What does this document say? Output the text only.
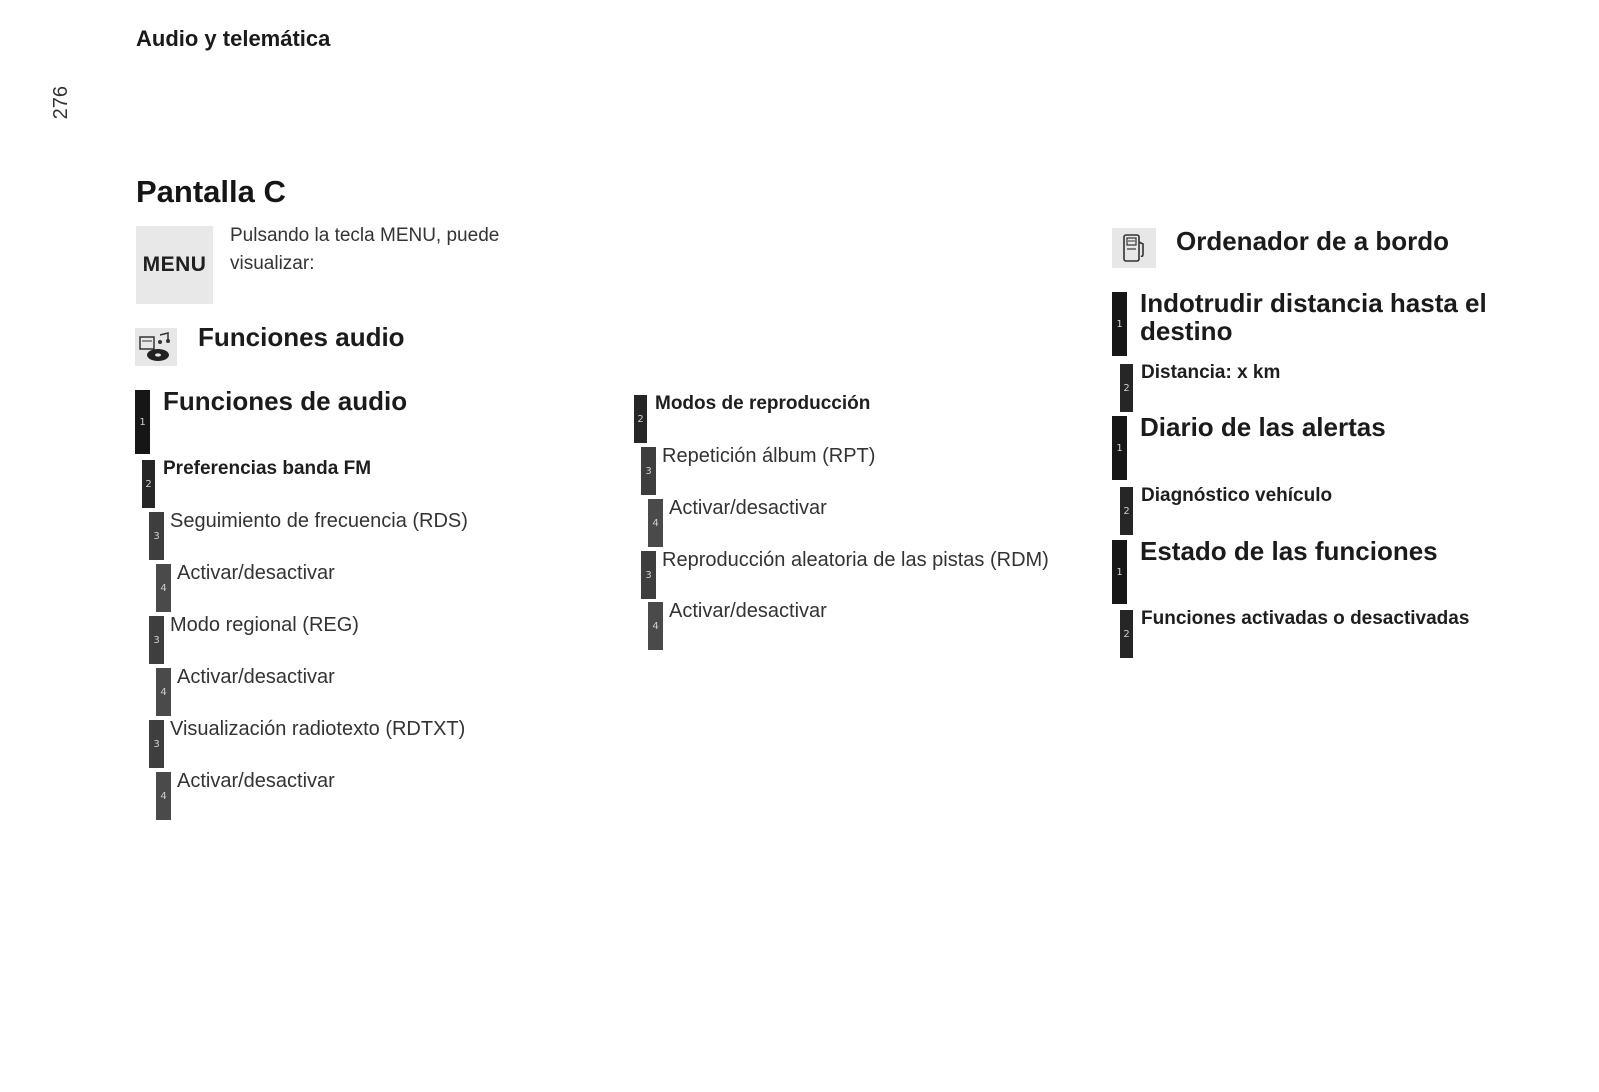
Audio y telemática
276
Pantalla C
MENU
Pulsando la tecla MENU, puede visualizar:
Funciones audio
1
Funciones de audio
2
Preferencias banda FM
3
Seguimiento de frecuencia (RDS)
4
Activar/desactivar
3
Modo regional (REG)
4
Activar/desactivar
3
Visualización radiotexto (RDTXT)
4
Activar/desactivar
2
Modos de reproducción
3
Repetición álbum (RPT)
4
Activar/desactivar
3
Reproducción aleatoria de las pistas (RDM)
4
Activar/desactivar
Ordenador de a bordo
1
Indotrudir distancia hasta el destino
2
Distancia: x km
1
Diario de las alertas
2
Diagnóstico vehículo
1
Estado de las funciones
2
Funciones activadas o desactivadas
